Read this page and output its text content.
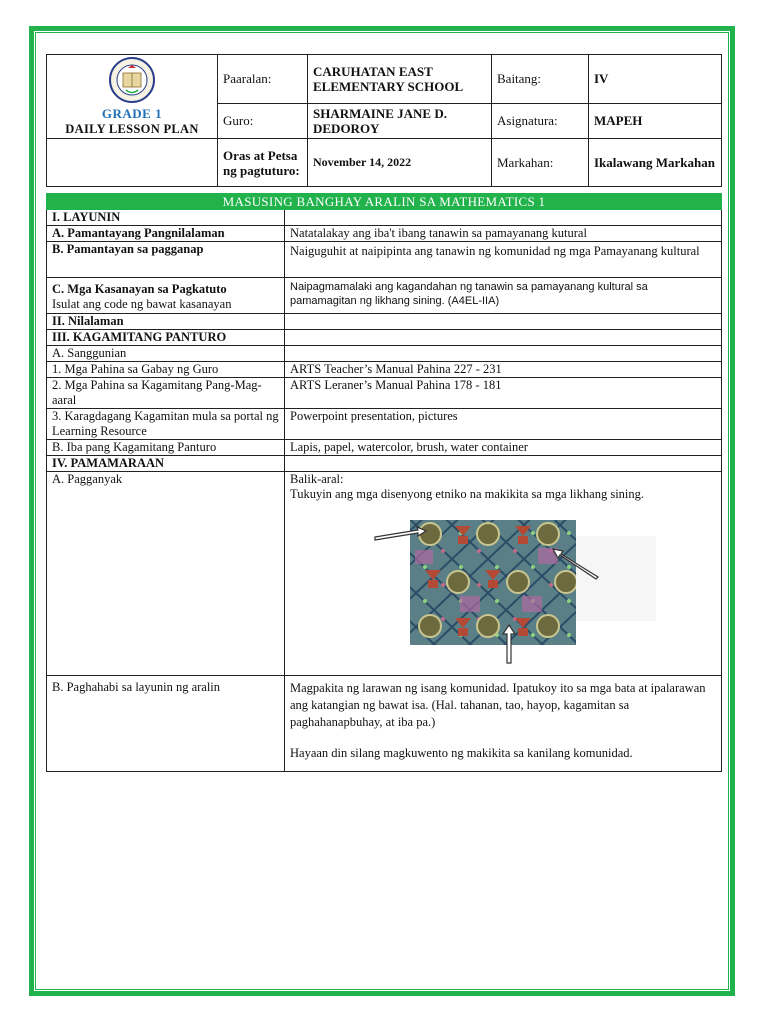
GRADE 1
DAILY LESSON PLAN	Paaralan:	CARUHATAN EAST ELEMENTARY SCHOOL	Baitang:	IV
	Guro:	SHARMAINE JANE D. DEDOROY	Asignatura:	MAPEH
	Oras at Petsa ng pagtuturo:	November 14, 2022	Markahan:	Ikalawang Markahan
MASUSING BANGHAY ARALIN SA MATHEMATICS 1	
I. LAYUNIN	
A. Pamantayang Pangnilalaman	Natatalakay ang iba't ibang tanawin sa pamayanang kutural
B. Pamantayan sa pagganap	Naiguguhit at naipipinta ang tanawin ng komunidad ng mga Pamayanang kultural

C. Mga Kasanayan sa Pagkatuto
Isulat ang code ng bawat kasanayan	Naipagmamalaki ang kagandahan ng tanawin sa pamayanang kultural sa pamamagitan ng likhang sining. (A4EL-IIA)
II. Nilalaman	
III. KAGAMITANG PANTURO	
A. Sanggunian	
1. Mga Pahina sa Gabay ng Guro	ARTS Teacher’s Manual Pahina 227 - 231
2. Mga Pahina sa Kagamitang Pang-Mag-aaral	ARTS Leraner’s Manual Pahina 178 - 181
3. Karagdagang Kagamitan mula sa portal ng Learning Resource	Powerpoint presentation, pictures
B. Iba pang Kagamitang Panturo	Lapis, papel, watercolor, brush, water container
IV. PAMAMARAAN	
A. Pagganyak	Balik-aral:
Tukuyin ang mga disenyong etniko na makikita sa mga likhang sining.

B. Paghahabi sa layunin ng aralin	Magpakita ng larawan ng isang komunidad. Ipatukoy ito sa mga bata at ipalarawan ang katangian ng bawat isa. (Hal. tahanan, tao, hayop, kagamitan sa paghahanapbuhay, at iba pa.)
Hayaan din silang magkuwento ng makikita sa kanilang komunidad.
